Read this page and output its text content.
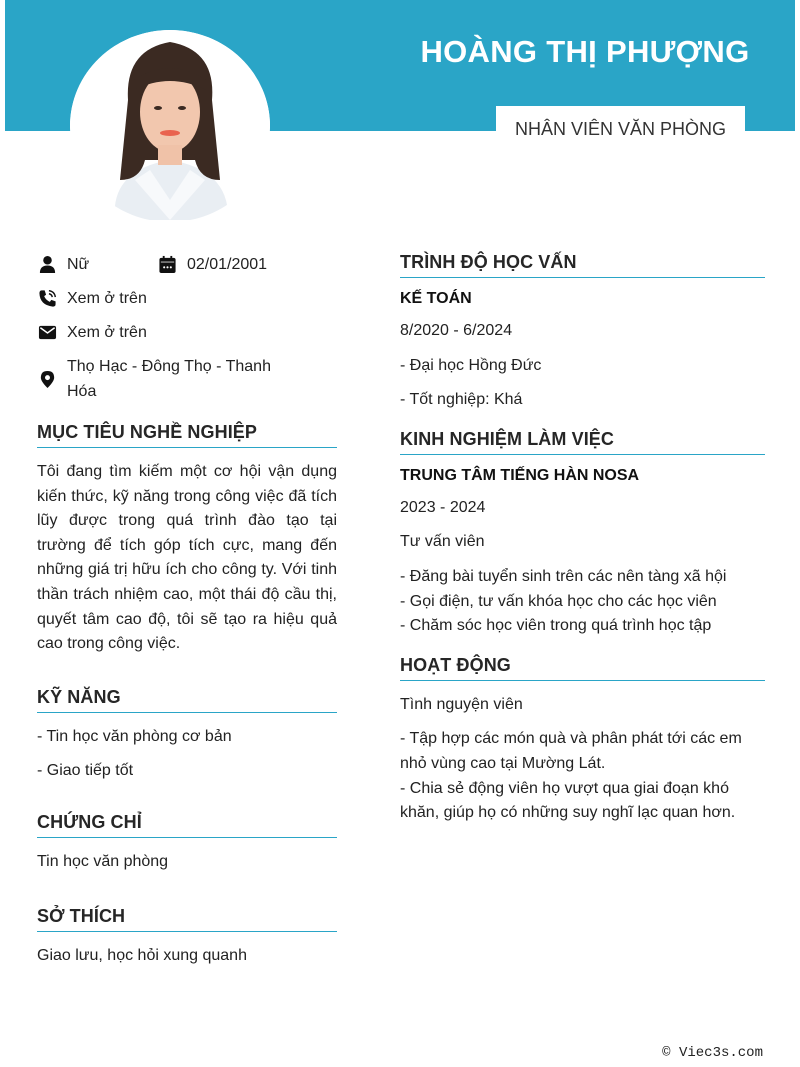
HOÀNG THỊ PHƯỢNG
NHÂN VIÊN VĂN PHÒNG
Nữ	02/01/2001
Xem ở trên
Xem ở trên
Thọ Hạc - Đông Thọ - Thanh Hóa
MỤC TIÊU NGHỀ NGHIỆP
Tôi đang tìm kiếm một cơ hội vận dụng kiến thức, kỹ năng trong công việc đã tích lũy được trong quá trình đào tạo tại trường để tích góp tích cực, mang đến những giá trị hữu ích cho công ty. Với tinh thần trách nhiệm cao, một thái độ cầu thị, quyết tâm cao độ, tôi sẽ tạo ra hiệu quả cao trong công việc.
KỸ NĂNG
- Tin học văn phòng cơ bản
- Giao tiếp tốt
CHỨNG CHỈ
Tin học văn phòng
SỞ THÍCH
Giao lưu, học hỏi xung quanh
TRÌNH ĐỘ HỌC VẤN
KẾ TOÁN
8/2020 - 6/2024
- Đại học Hồng Đức
- Tốt nghiệp: Khá
KINH NGHIỆM LÀM VIỆC
TRUNG TÂM TIẾNG HÀN NOSA
2023 - 2024
Tư vấn viên
- Đăng bài tuyển sinh trên các nên tàng xã hội
- Gọi điện, tư vấn khóa học cho các học viên
- Chăm sóc học viên trong quá trình học tập
HOẠT ĐỘNG
Tình nguyện viên
- Tập hợp các món quà và phân phát tới các em nhỏ vùng cao tại Mường Lát.
- Chia sẻ động viên họ vượt qua giai đoạn khó khăn, giúp họ có những suy nghĩ lạc quan hơn.
© Viec3s.com
